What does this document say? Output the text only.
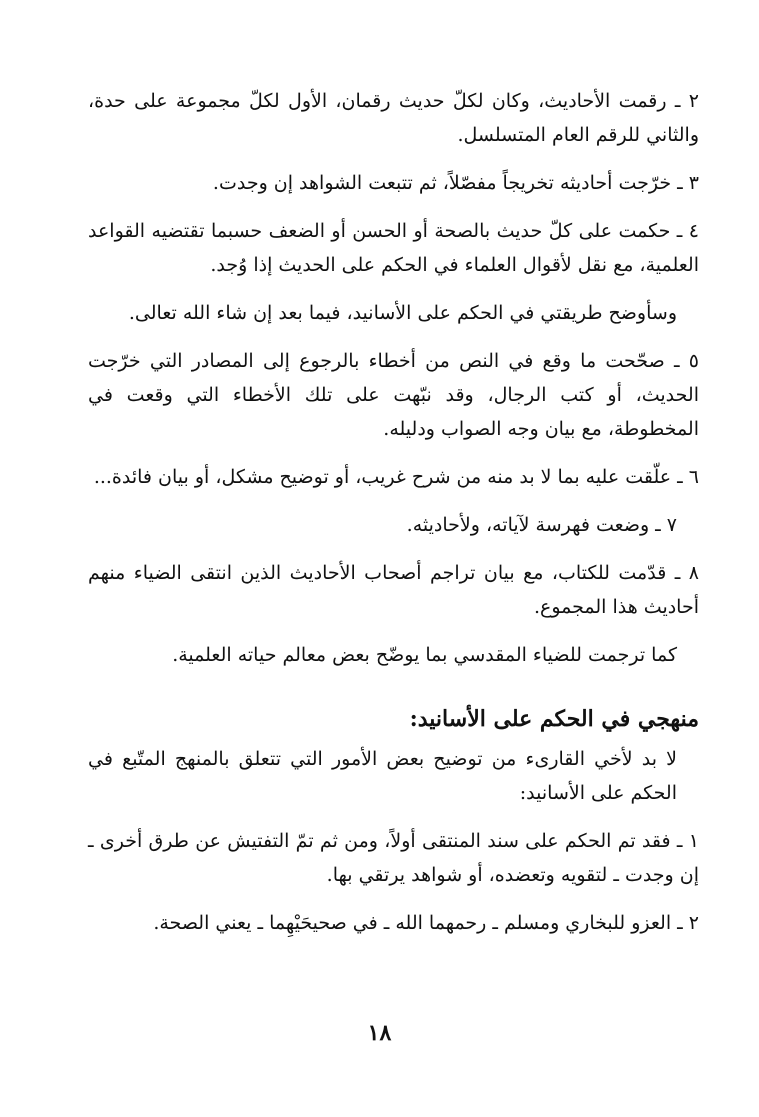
٢ ـ رقمت الأحاديث، وكان لكلّ حديث رقمان، الأول لكلّ مجموعة على حدة، والثاني للرقم العام المتسلسل.

٣ ـ خرّجت أحاديثه تخريجاً مفصّلاً، ثم تتبعت الشواهد إن وجدت.

٤ ـ حكمت على كلّ حديث بالصحة أو الحسن أو الضعف حسبما تقتضيه القواعد العلمية، مع نقل لأقوال العلماء في الحكم على الحديث إذا وُجد.

وسأوضح طريقتي في الحكم على الأسانيد، فيما بعد إن شاء الله تعالى.

٥ ـ صحّحت ما وقع في النص من أخطاء بالرجوع إلى المصادر التي خرّجت الحديث، أو كتب الرجال، وقد نبّهت على تلك الأخطاء التي وقعت في المخطوطة، مع بيان وجه الصواب ودليله.

٦ ـ علّقت عليه بما لا بد منه من شرح غريب، أو توضيح مشكل، أو بيان فائدة...

٧ ـ وضعت فهرسة لآياته، ولأحاديثه.

٨ ـ قدّمت للكتاب، مع بيان تراجم أصحاب الأحاديث الذين انتقى الضياء منهم أحاديث هذا المجموع.

كما ترجمت للضياء المقدسي بما يوضّح بعض معالم حياته العلمية.

منهجي في الحكم على الأسانيد:

لا بد لأخي القارىء من توضيح بعض الأمور التي تتعلق بالمنهج المتّبع في الحكم على الأسانيد:

١ ـ فقد تم الحكم على سند المنتقى أولاً، ومن ثم تمّ التفتيش عن طرق أخرى ـ إن وجدت ـ لتقويه وتعضده، أو شواهد يرتقي بها.

٢ ـ العزو للبخاري ومسلم ـ رحمهما الله ـ في صحيحَيْهِما ـ يعني الصحة.

١٨
